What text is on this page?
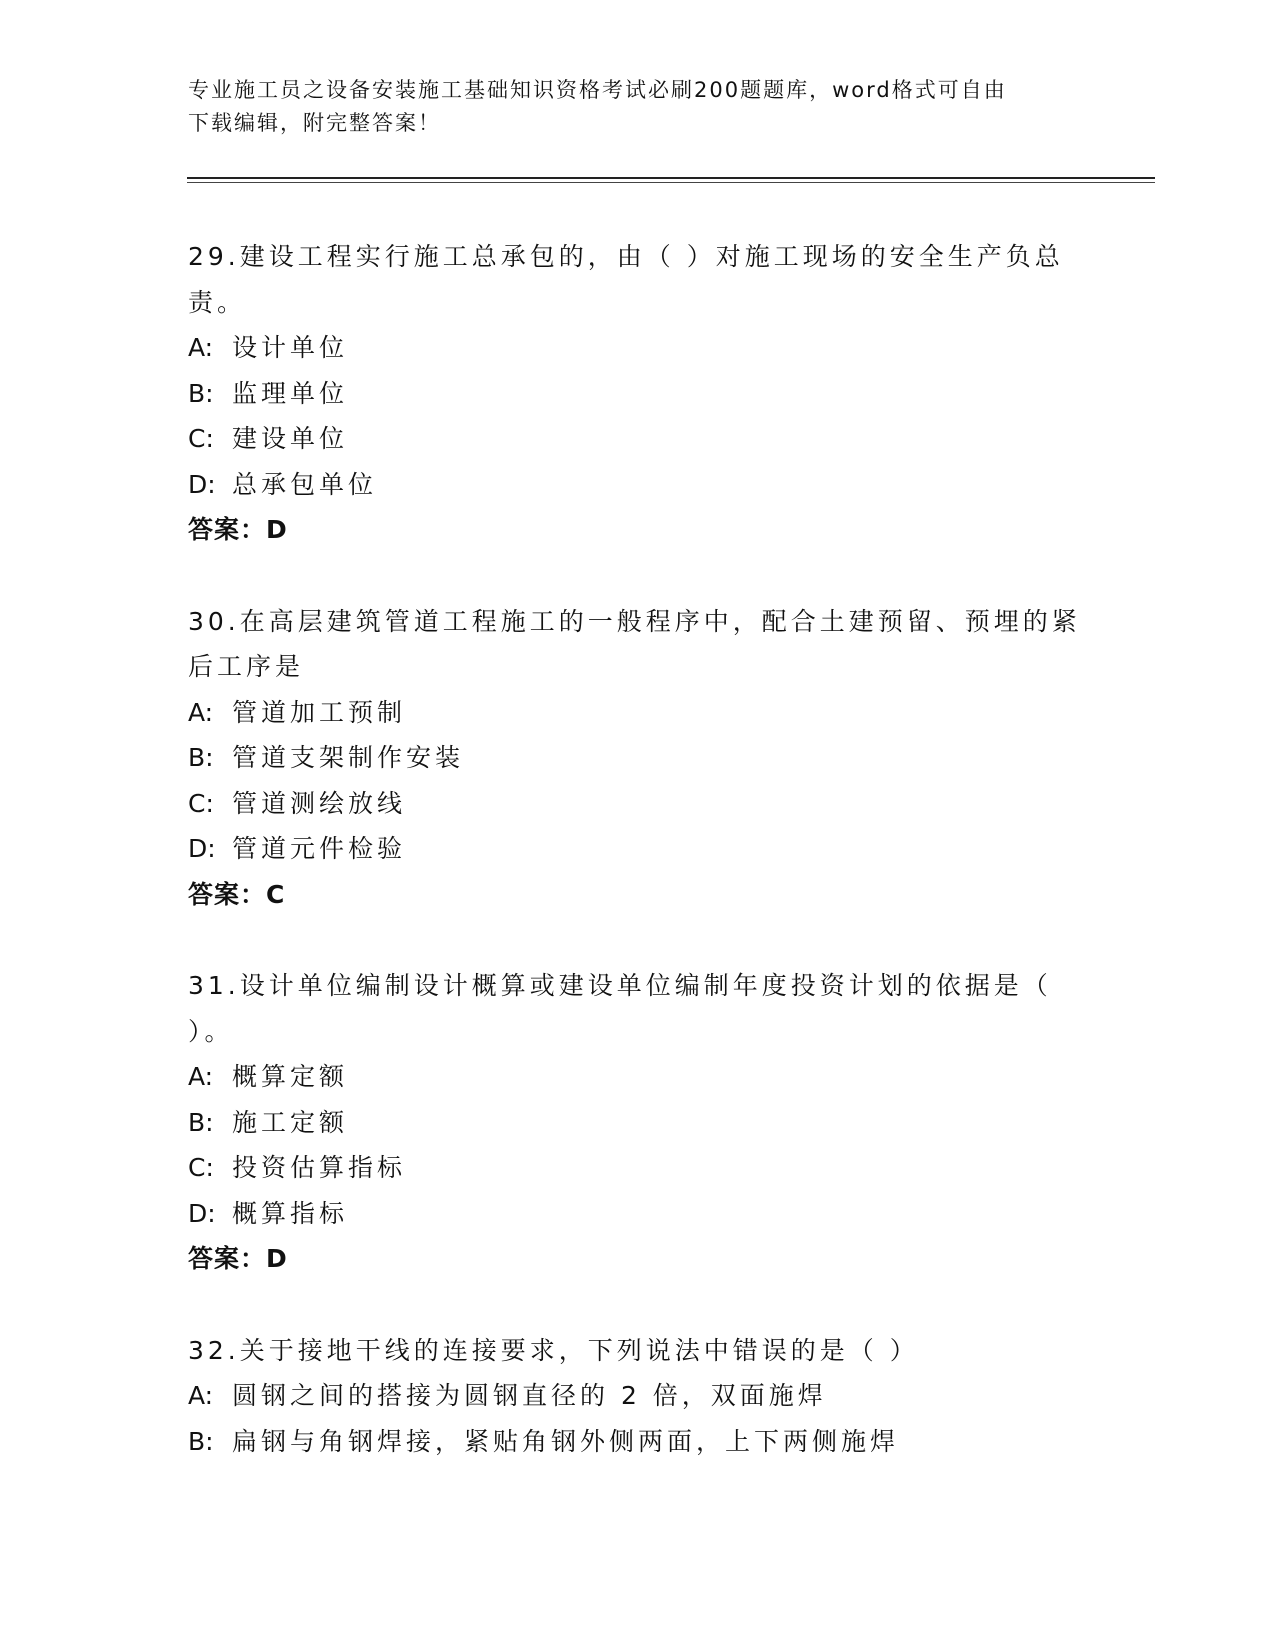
专业施工员之设备安装施工基础知识资格考试必刷200题题库，word格式可自由
下载编辑，附完整答案！

29.建设工程实行施工总承包的，由（ ）对施工现场的安全生产负总
责。

A: 设计单位

B: 监理单位

C: 建设单位

D: 总承包单位

答案：D

30.在高层建筑管道工程施工的一般程序中，配合土建预留、预埋的紧
后工序是

A: 管道加工预制

B: 管道支架制作安装

C: 管道测绘放线

D: 管道元件检验

答案：C

31.设计单位编制设计概算或建设单位编制年度投资计划的依据是（
）。

A: 概算定额

B: 施工定额

C: 投资估算指标

D: 概算指标

答案：D

32.关于接地干线的连接要求，下列说法中错误的是（ ）

A: 圆钢之间的搭接为圆钢直径的 2 倍，双面施焊

B: 扁钢与角钢焊接，紧贴角钢外侧两面，上下两侧施焊
